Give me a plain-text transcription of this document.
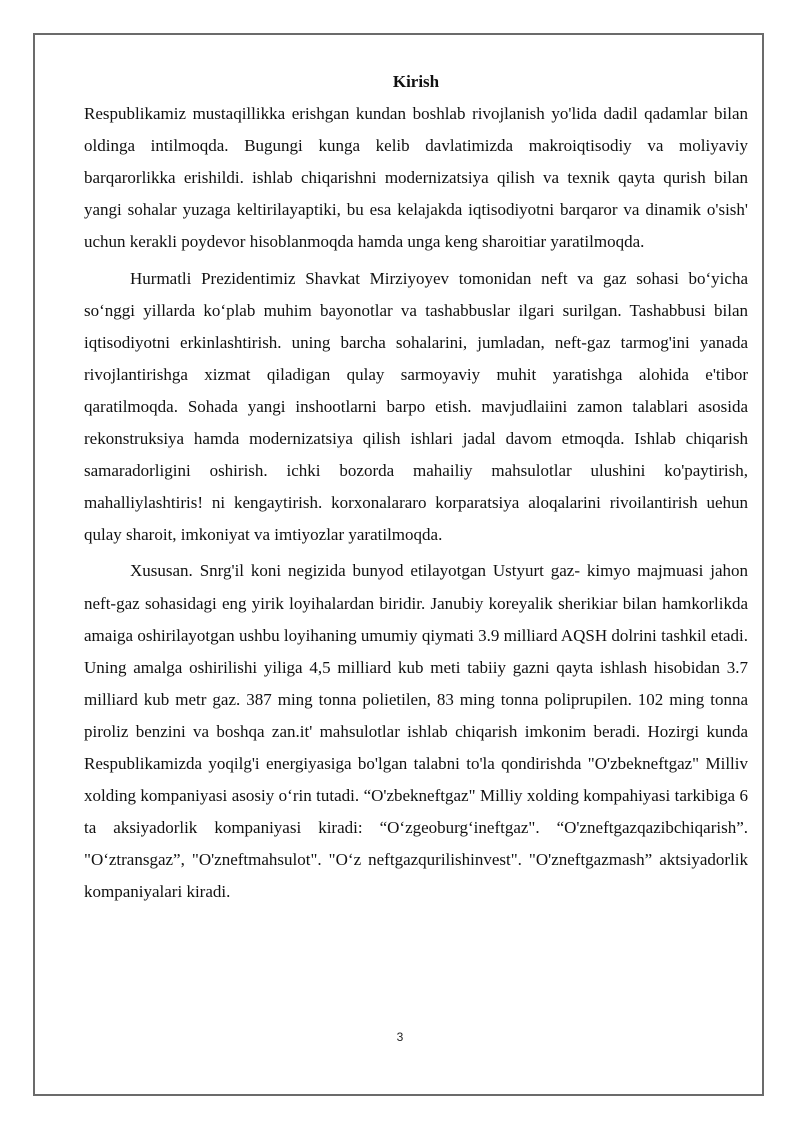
Kirish

Respublikamiz mustaqillikka erishgan kundan boshlab rivojlanish yo'lida dadil qadamlar bilan oldinga intilmoqda. Bugungi kunga kelib davlatimizda makroiqtisodiy va moliyaviy barqarorlikka erishildi. ishlab chiqarishni modernizatsiya qilish va texnik qayta qurish bilan yangi sohalar yuzaga keltirilayaptiki, bu esa kelajakda iqtisodiyotni barqaror va dinamik o'sish' uchun kerakli poydevor hisoblanmoqda hamda unga keng sharoitiar yaratilmoqda.

Hurmatli Prezidentimiz Shavkat Mirziyoyev tomonidan neft va gaz sohasi bo‘yicha so‘nggi yillarda ko‘plab muhim bayonotlar va tashabbuslar ilgari surilgan. Tashabbusi bilan iqtisodiyotni erkinlashtirish. uning barcha sohalarini, jumladan, neft-gaz tarmog'ini yanada rivojlantirishga xizmat qiladigan qulay sarmoyaviy muhit yaratishga alohida e'tibor qaratilmoqda. Sohada yangi inshootlarni barpo etish. mavjudlaiini zamon talablari asosida rekonstruksiya hamda modernizatsiya qilish ishlari jadal davom etmoqda. Ishlab chiqarish samaradorligini oshirish. ichki bozorda mahailiy mahsulotlar ulushini ko'paytirish, mahalliylashtiris! ni kengaytirish. korxonalararo korparatsiya aloqalarini rivoilantirish uehun qulay sharoit, imkoniyat va imtiyozlar yaratilmoqda.

Xususan. Snrg'il koni negizida bunyod etilayotgan Ustyurt gaz- kimyo majmuasi jahon neft-gaz sohasidagi eng yirik loyihalardan biridir. Janubiy koreyalik sherikiar bilan hamkorlikda amaiga oshirilayotgan ushbu loyihaning umumiy qiymati 3.9 milliard AQSH dolrini tashkil etadi. Uning amalga oshirilishi yiliga 4,5 milliard kub meti tabiiy gazni qayta ishlash hisobidan 3.7 milliard kub metr gaz. 387 ming tonna polietilen, 83 ming tonna poliprupilen. 102 ming tonna piroliz benzini va boshqa zan.it' mahsulotlar ishlab chiqarish imkonim beradi. Hozirgi kunda Respublikamizda yoqilg'i energiyasiga bo'lgan talabni to'la qondirishda "O'zbekneftgaz" Milliv xolding kompaniyasi asosiy o‘rin tutadi. “O'zbekneftgaz" Milliy xolding kompahiyasi tarkibiga 6 ta aksiyadorlik kompaniyasi kiradi: “O‘zgeoburg‘ineftgaz". “O'zneftgazqazibchiqarish”. "O‘ztransgaz”, "O'zneftmahsulot". "O‘z neftgazqurilishinvest". "O'zneftgazmash” aktsiyadorlik kompaniyalari kiradi.

3
